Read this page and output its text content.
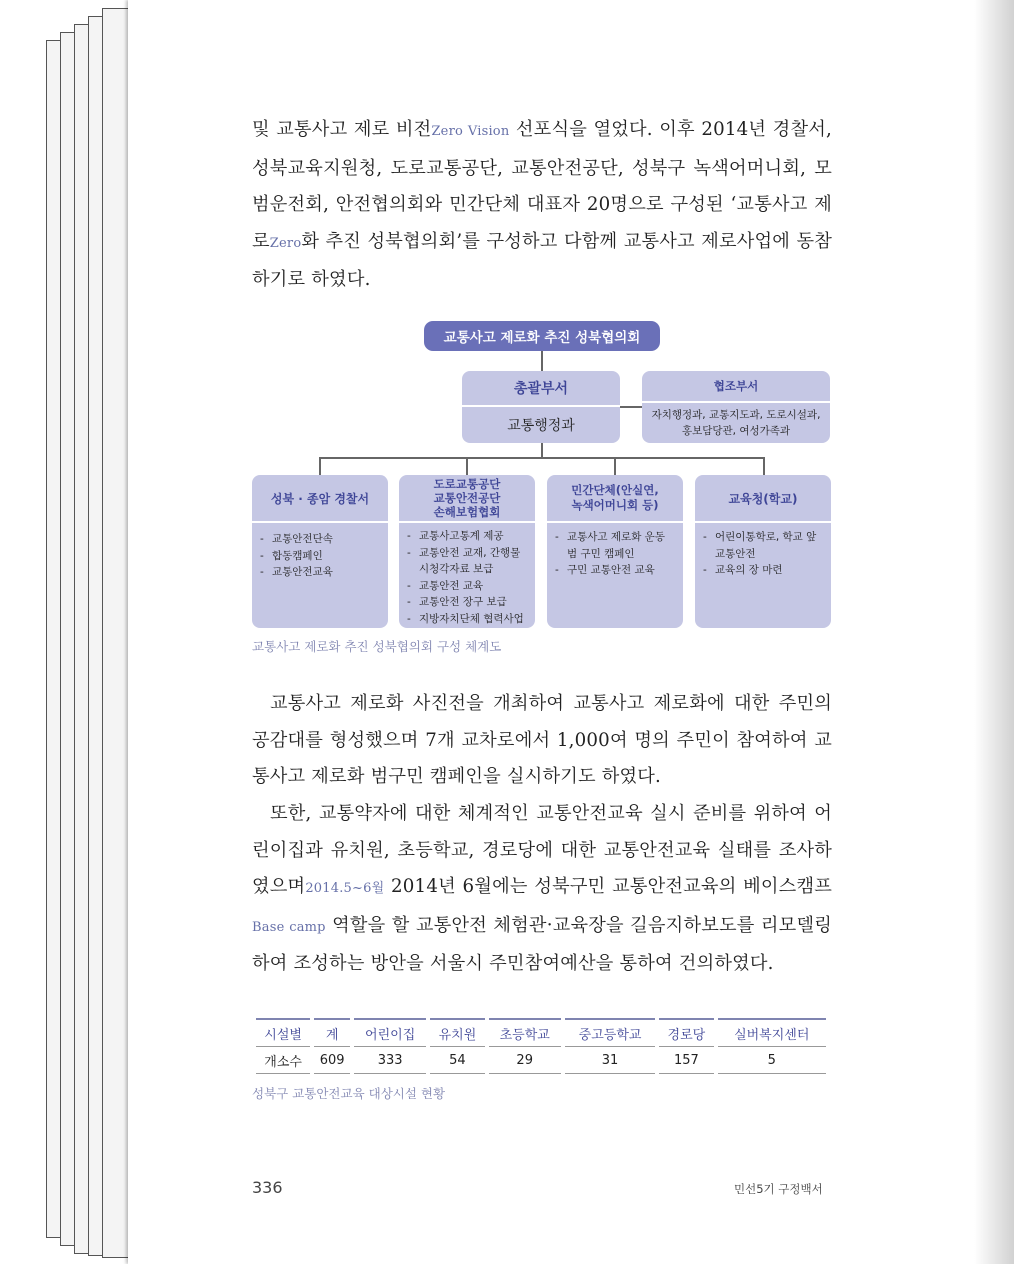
및 교통사고 제로 비전Zero Vision 선포식을 열었다. 이후 2014년 경찰서, 성북교육지원청, 도로교통공단, 교통안전공단, 성북구 녹색어머니회, 모범운전회, 안전협의회와 민간단체 대표자 20명으로 구성된 ‘교통사고 제로Zero화 추진 성북협의회’를 구성하고 다함께 교통사고 제로사업에 동참하기로 하였다.
교통사고 제로화 추진 성북협의회
총괄부서
교통행정과
협조부서
자치행정과, 교통지도과, 도로시설과, 홍보담당관, 여성가족과
성북 · 종암 경찰서
- 교통안전단속
- 합동캠페인
- 교통안전교육
도로교통공단
교통안전공단
손해보험협회
- 교통사고통계 제공
- 교통안전 교재, 간행물 시청각자료 보급
- 교통안전 교육
- 교통안전 장구 보급
- 지방자치단체 협력사업
민간단체(안실연,
녹색어머니회 등)
- 교통사고 제로화 운동 범 구민 캠페인
- 구민 교통안전 교육
교육청(학교)
- 어린이통학로, 학교 앞 교통안전
- 교육의 장 마련
교통사고 제로화 추진 성북협의회 구성 체계도
교통사고 제로화 사진전을 개최하여 교통사고 제로화에 대한 주민의 공감대를 형성했으며 7개 교차로에서 1,000여 명의 주민이 참여하여 교통사고 제로화 범구민 캠페인을 실시하기도 하였다.
또한, 교통약자에 대한 체계적인 교통안전교육 실시 준비를 위하여 어린이집과 유치원, 초등학교, 경로당에 대한 교통안전교육 실태를 조사하였으며2014.5~6월 2014년 6월에는 성북구민 교통안전교육의 베이스캠프 Base camp 역할을 할 교통안전 체험관·교육장을 길음지하보도를 리모델링하여 조성하는 방안을 서울시 주민참여예산을 통하여 건의하였다.
시설별	계	어린이집	유치원	초등학교	중고등학교	경로당	실버복지센터
개소수	609	333	54	29	31	157	5
성북구 교통안전교육 대상시설 현황
336	민선5기 구정백서
